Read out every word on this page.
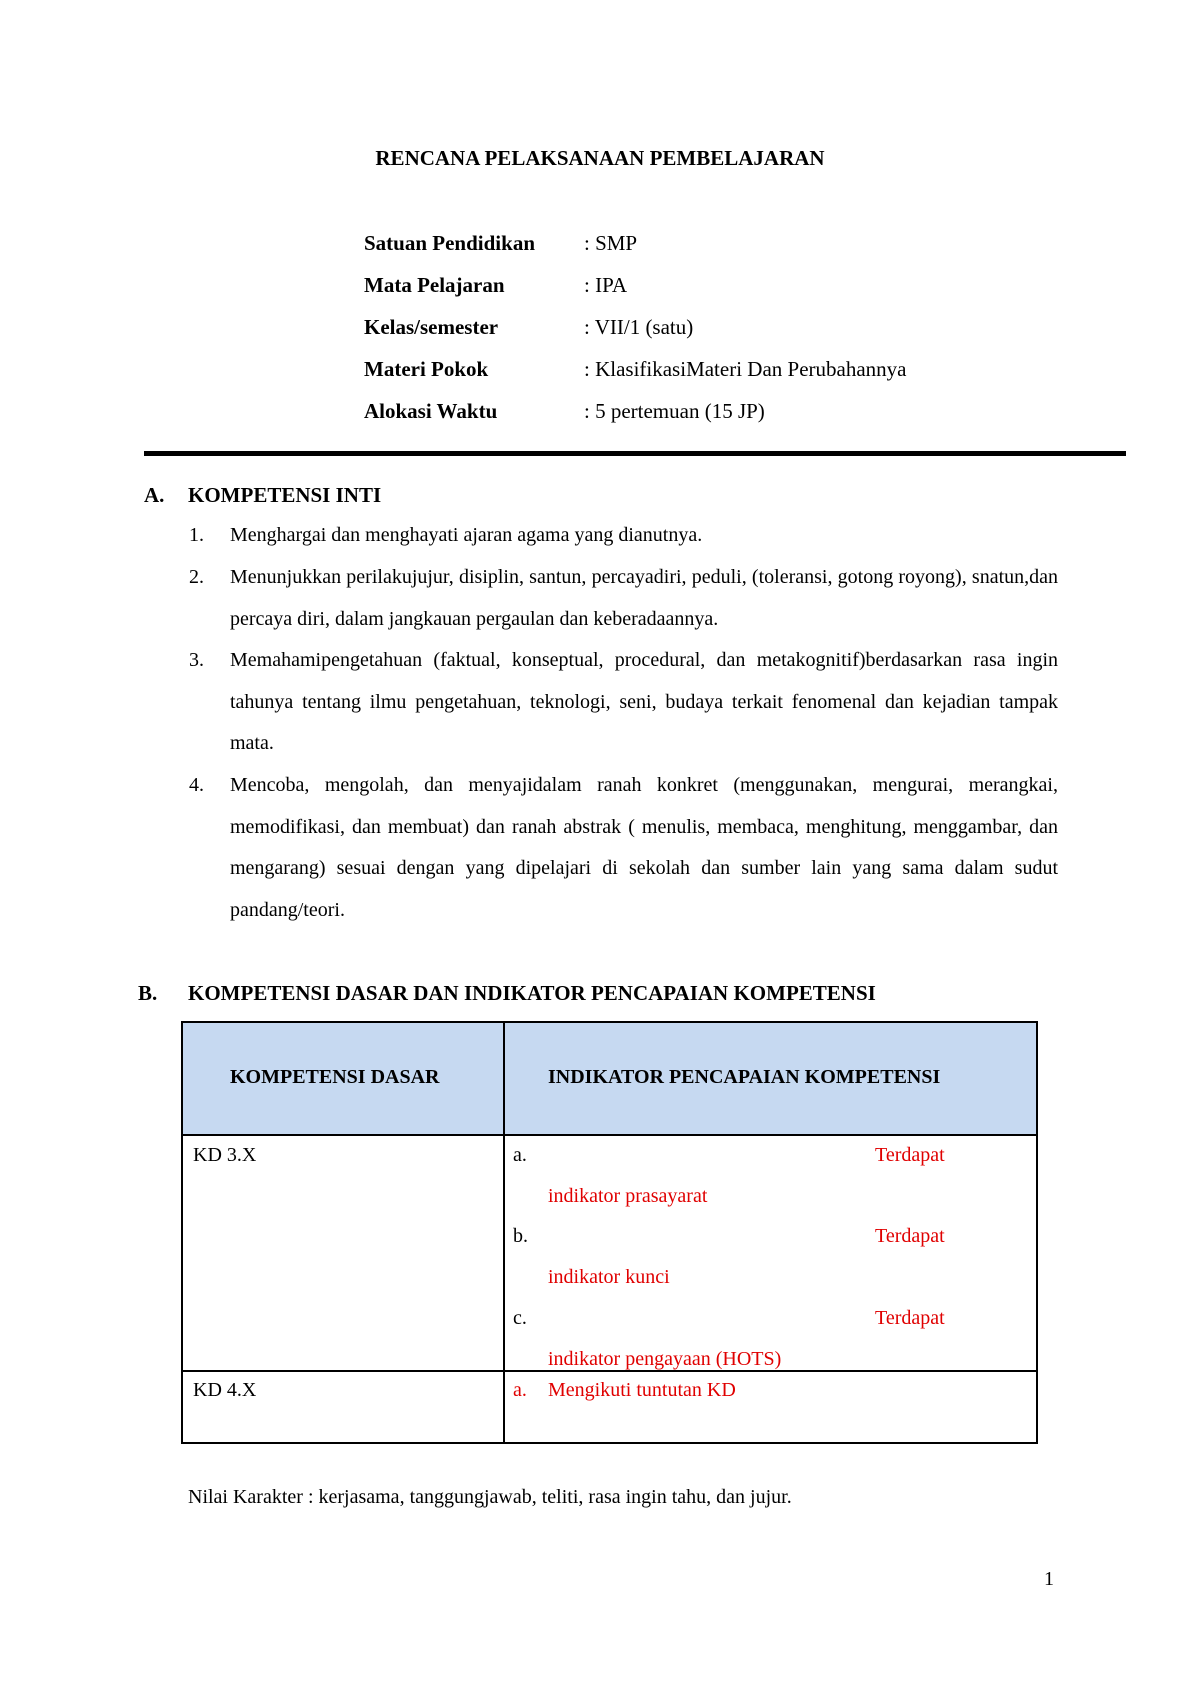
RENCANA PELAKSANAAN PEMBELAJARAN
Satuan Pendidikan : SMP
Mata Pelajaran	: IPA
Kelas/semester	: VII/1 (satu)
Materi Pokok	: KlasifikasiMateri Dan Perubahannya
Alokasi Waktu	: 5 pertemuan (15 JP)
A. KOMPETENSI INTI
1. Menghargai dan menghayati ajaran agama yang dianutnya.
2. Menunjukkan perilakujujur, disiplin, santun, percayadiri, peduli, (toleransi, gotong royong), snatun,dan percaya diri, dalam jangkauan pergaulan dan keberadaannya.
3. Memahamipengetahuan (faktual, konseptual, procedural, dan metakognitif)berdasarkan rasa ingin tahunya tentang ilmu pengetahuan, teknologi, seni, budaya terkait fenomenal dan kejadian tampak mata.
4. Mencoba, mengolah, dan menyajidalam ranah konkret (menggunakan, mengurai, merangkai, memodifikasi, dan membuat) dan ranah abstrak ( menulis, membaca, menghitung, menggambar, dan mengarang) sesuai dengan yang dipelajari di sekolah dan sumber lain yang sama dalam sudut pandang/teori.
B. KOMPETENSI DASAR DAN INDIKATOR PENCAPAIAN KOMPETENSI
KOMPETENSI DASAR	INDIKATOR PENCAPAIAN KOMPETENSI
KD 3.X	a.	Terdapat
indikator prasayarat
b.	Terdapat
indikator kunci
c.	Terdapat
indikator pengayaan (HOTS)
KD 4.X	a. Mengikuti tuntutan KD
Nilai Karakter : kerjasama, tanggungjawab, teliti, rasa ingin tahu, dan jujur.
1
